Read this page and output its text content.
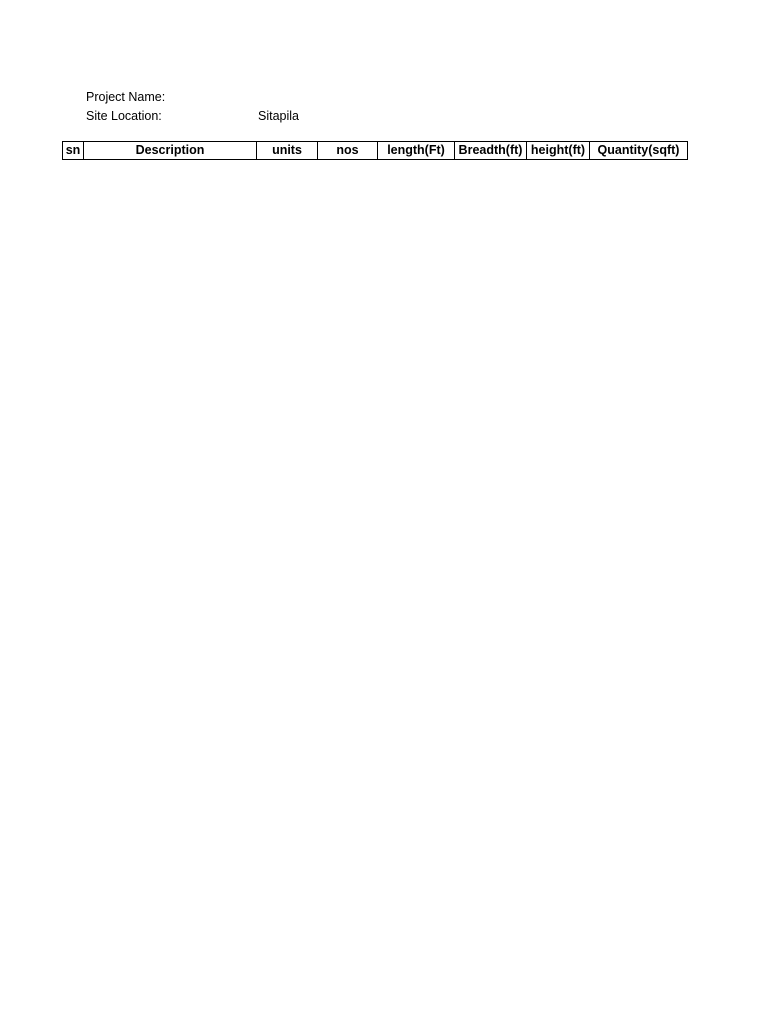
Project Name:
Site Location:	Sitapila
sn	Description	units	nos	length(Ft)	Breadth(ft)	height(ft)	Quantity(sqft)
